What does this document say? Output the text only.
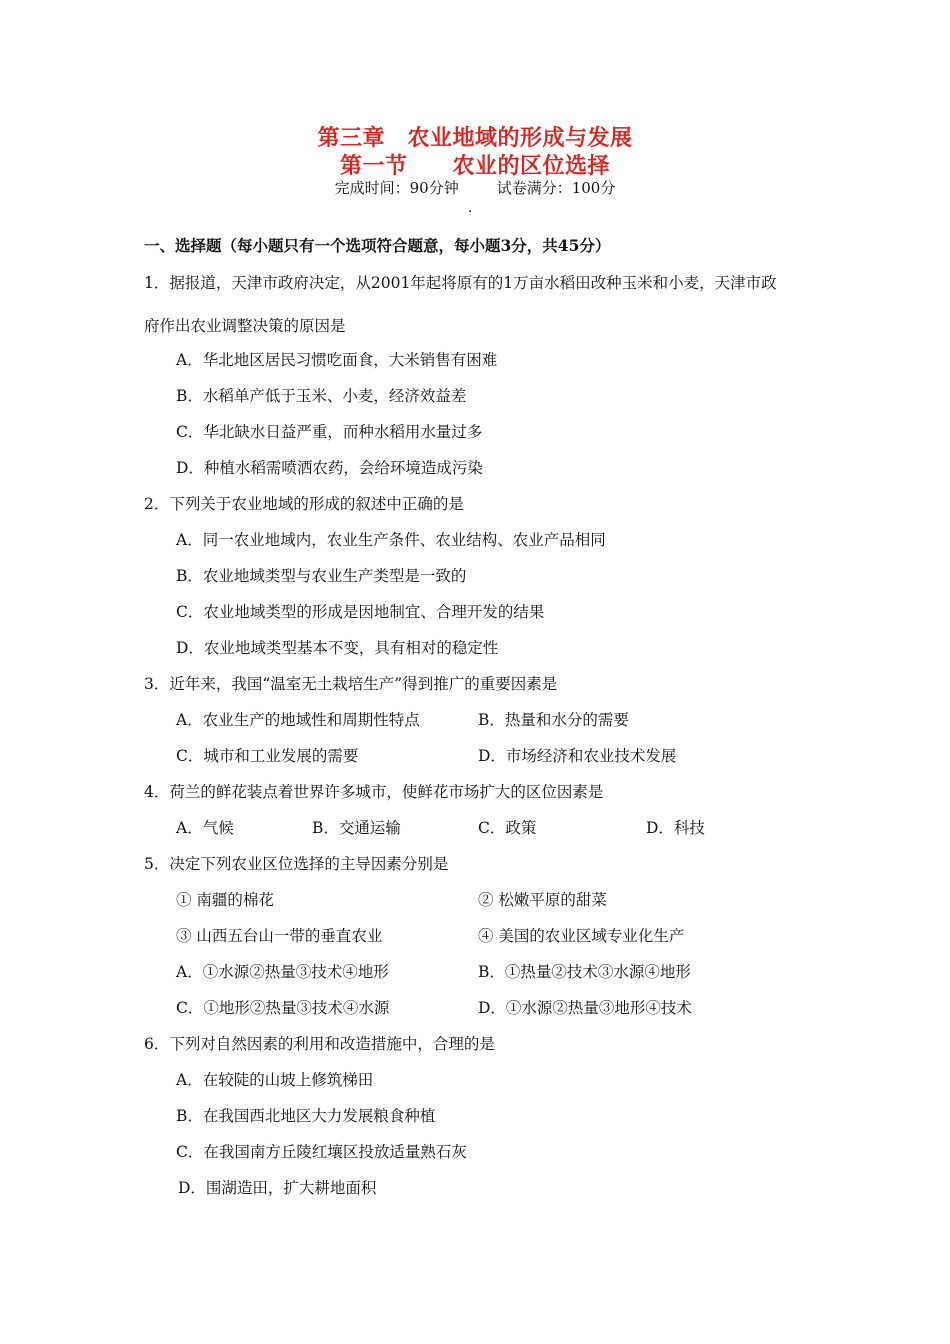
第三章　农业地域的形成与发展
第一节　　农业的区位选择
完成时间：90分钟	试卷满分：100分
.
一、选择题（每小题只有一个选项符合题意，每小题3分，共45分）
1．据报道，天津市政府决定，从2001年起将原有的1万亩水稻田改种玉米和小麦，天津市政
府作出农业调整决策的原因是
A．华北地区居民习惯吃面食，大米销售有困难
B．水稻单产低于玉米、小麦，经济效益差
C．华北缺水日益严重，而种水稻用水量过多
D．种植水稻需喷洒农药，会给环境造成污染
2．下列关于农业地域的形成的叙述中正确的是
A．同一农业地域内，农业生产条件、农业结构、农业产品相同
B．农业地域类型与农业生产类型是一致的
C．农业地域类型的形成是因地制宜、合理开发的结果
D．农业地域类型基本不变，具有相对的稳定性
3．近年来，我国“温室无土栽培生产”得到推广的重要因素是
A．农业生产的地域性和周期性特点	B．热量和水分的需要
C．城市和工业发展的需要	D．市场经济和农业技术发展
4．荷兰的鲜花装点着世界许多城市，使鲜花市场扩大的区位因素是
A．气候	B．交通运输	C．政策	D．科技
5．决定下列农业区位选择的主导因素分别是
① 南疆的棉花	② 松嫩平原的甜菜
③ 山西五台山一带的垂直农业	④ 美国的农业区域专业化生产
A．①水源②热量③技术④地形	B．①热量②技术③水源④地形
C．①地形②热量③技术④水源	D．①水源②热量③地形④技术
6．下列对自然因素的利用和改造措施中，合理的是
A．在较陡的山坡上修筑梯田
B．在我国西北地区大力发展粮食种植
C．在我国南方丘陵红壤区投放适量熟石灰
D．围湖造田，扩大耕地面积
